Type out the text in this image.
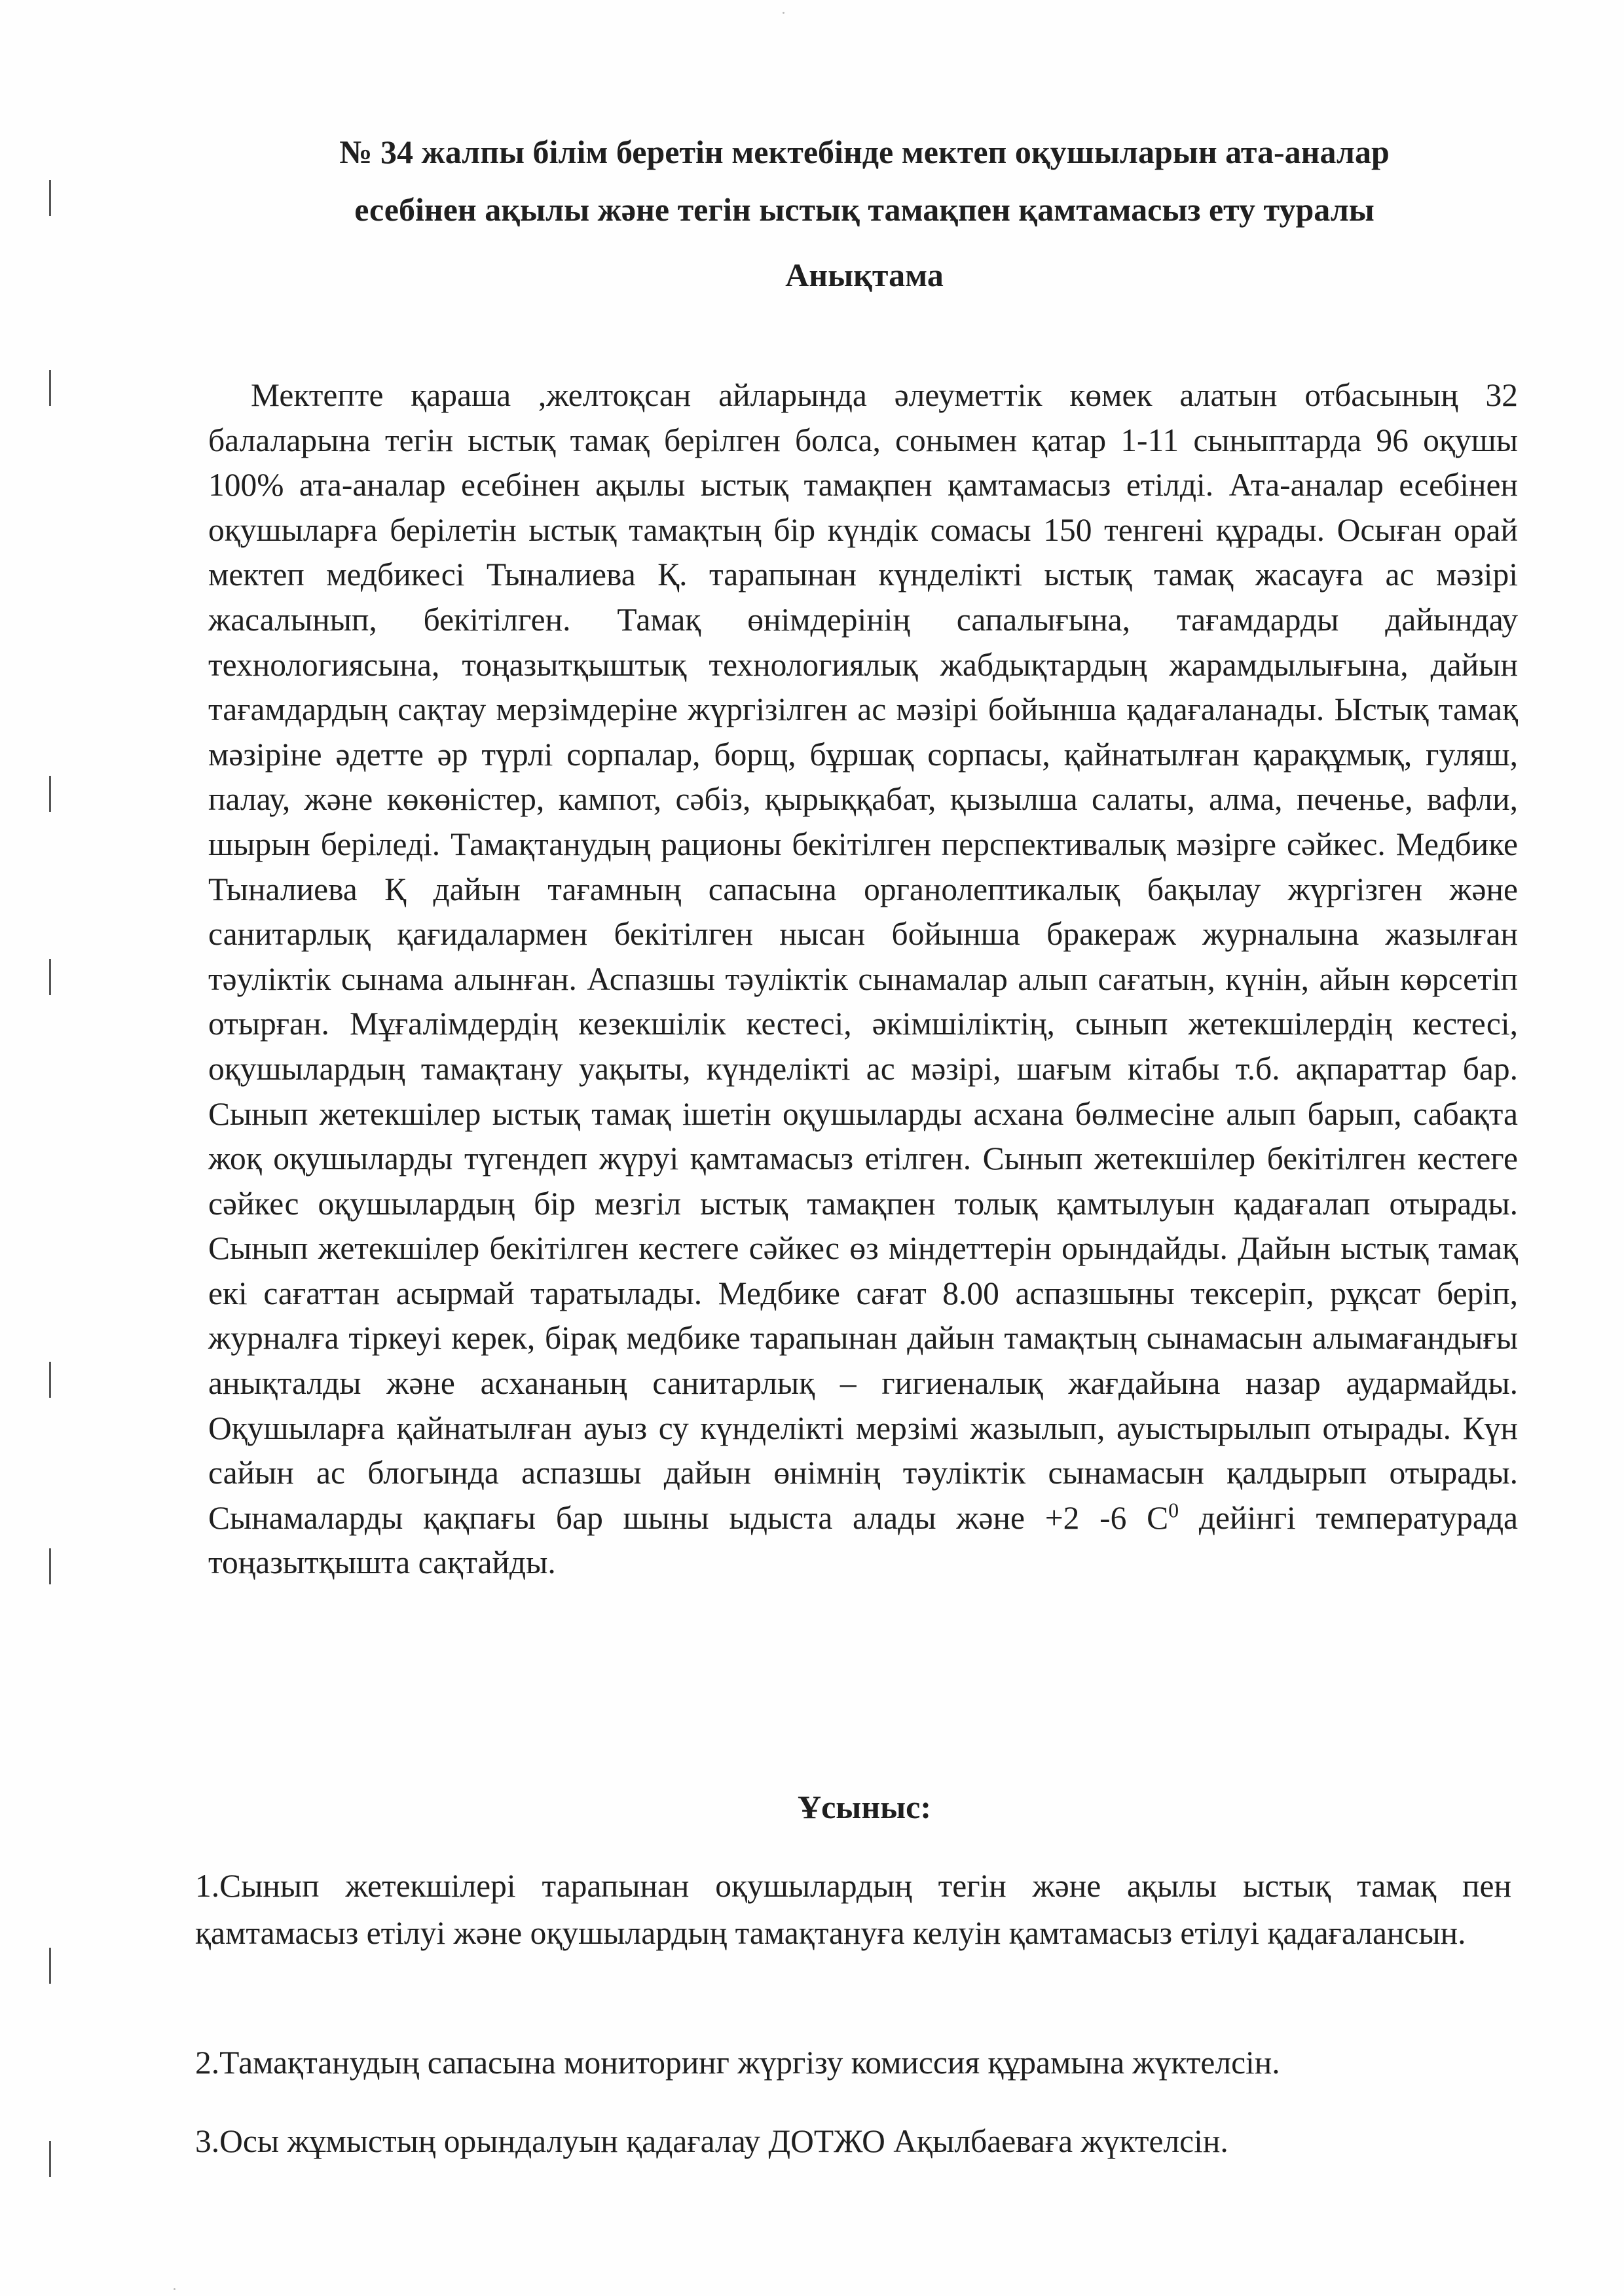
№ 34 жалпы білім беретін мектебінде мектеп оқушыларын ата-аналар
есебінен ақылы және тегін ыстық тамақпен қамтамасыз ету туралы
Анықтама

Мектепте қараша ,желтоқсан айларында әлеуметтік көмек алатын отбасының 32 балаларына тегін ыстық тамақ берілген болса, сонымен қатар 1-11 сыныптарда 96 оқушы 100% ата-аналар есебінен ақылы ыстық тамақпен қамтамасыз етілді. Ата-аналар есебінен оқушыларға берілетін ыстық тамақтың бір күндік сомасы 150 тенгені құрады. Осыған орай мектеп медбикесі Тыналиева Қ. тарапынан күнделікті ыстық тамақ жасауға ас мәзірі жасалынып, бекітілген. Тамақ өнімдерінің сапалығына, тағамдарды дайындау технологиясына, тоңазытқыштық технологиялық жабдықтардың жарамдылығына, дайын тағамдардың сақтау мерзімдеріне жүргізілген ас мәзірі бойынша қадағаланады. Ыстық тамақ мәзіріне әдетте әр түрлі сорпалар, борщ, бұршақ сорпасы, қайнатылған қарақұмық, гуляш, палау, және көкөністер, кампот, сәбіз, қырыққабат, қызылша салаты, алма, печенье, вафли, шырын беріледі. Тамақтанудың рационы бекітілген перспективалық мәзірге сәйкес. Медбике Тыналиева Қ дайын тағамның сапасына органолептикалық бақылау жүргізген және санитарлық қағидалармен бекітілген нысан бойынша бракераж журналына жазылған тәуліктік сынама алынған. Аспазшы тәуліктік сынамалар алып сағатын, күнін, айын көрсетіп отырған. Мұғалімдердің кезекшілік кестесі, әкімшіліктің, сынып жетекшілердің кестесі, оқушылардың тамақтану уақыты, күнделікті ас мәзірі, шағым кітабы т.б. ақпараттар бар. Сынып жетекшілер ыстық тамақ ішетін оқушыларды асхана бөлмесіне алып барып, сабақта жоқ оқушыларды түгендеп жүруі қамтамасыз етілген. Сынып жетекшілер бекітілген кестеге сәйкес оқушылардың бір мезгіл ыстық тамақпен толық қамтылуын қадағалап отырады. Сынып жетекшілер бекітілген кестеге сәйкес өз міндеттерін орындайды. Дайын ыстық тамақ екі сағаттан асырмай таратылады. Медбике сағат 8.00 аспазшыны тексеріп, рұқсат беріп, журналға тіркеуі керек, бірақ медбике тарапынан дайын тамақтың сынамасын алымағандығы анықталды және асхананың санитарлық – гигиеналық жағдайына назар аудармайды. Оқушыларға қайнатылған ауыз су күнделікті мерзімі жазылып, ауыстырылып отырады. Күн сайын ас блогында аспазшы дайын өнімнің тәуліктік сынамасын қалдырып отырады. Сынамаларды қақпағы бар шыны ыдыста алады және +2 -6 $С^0$ дейінгі температурада тоңазытқышта сақтайды.

Ұсыныс:

1.Сынып жетекшілері тарапынан оқушылардың тегін және ақылы ыстық тамақ пен қамтамасыз етілуі және оқушылардың тамақтануға келуін қамтамасыз етілуі қадағалансын.

2.Тамақтанудың сапасына мониторинг жүргізу комиссия құрамына жүктелсін.

3.Осы жұмыстың орындалуын қадағалау ДОТЖО Ақылбаеваға жүктелсін.
